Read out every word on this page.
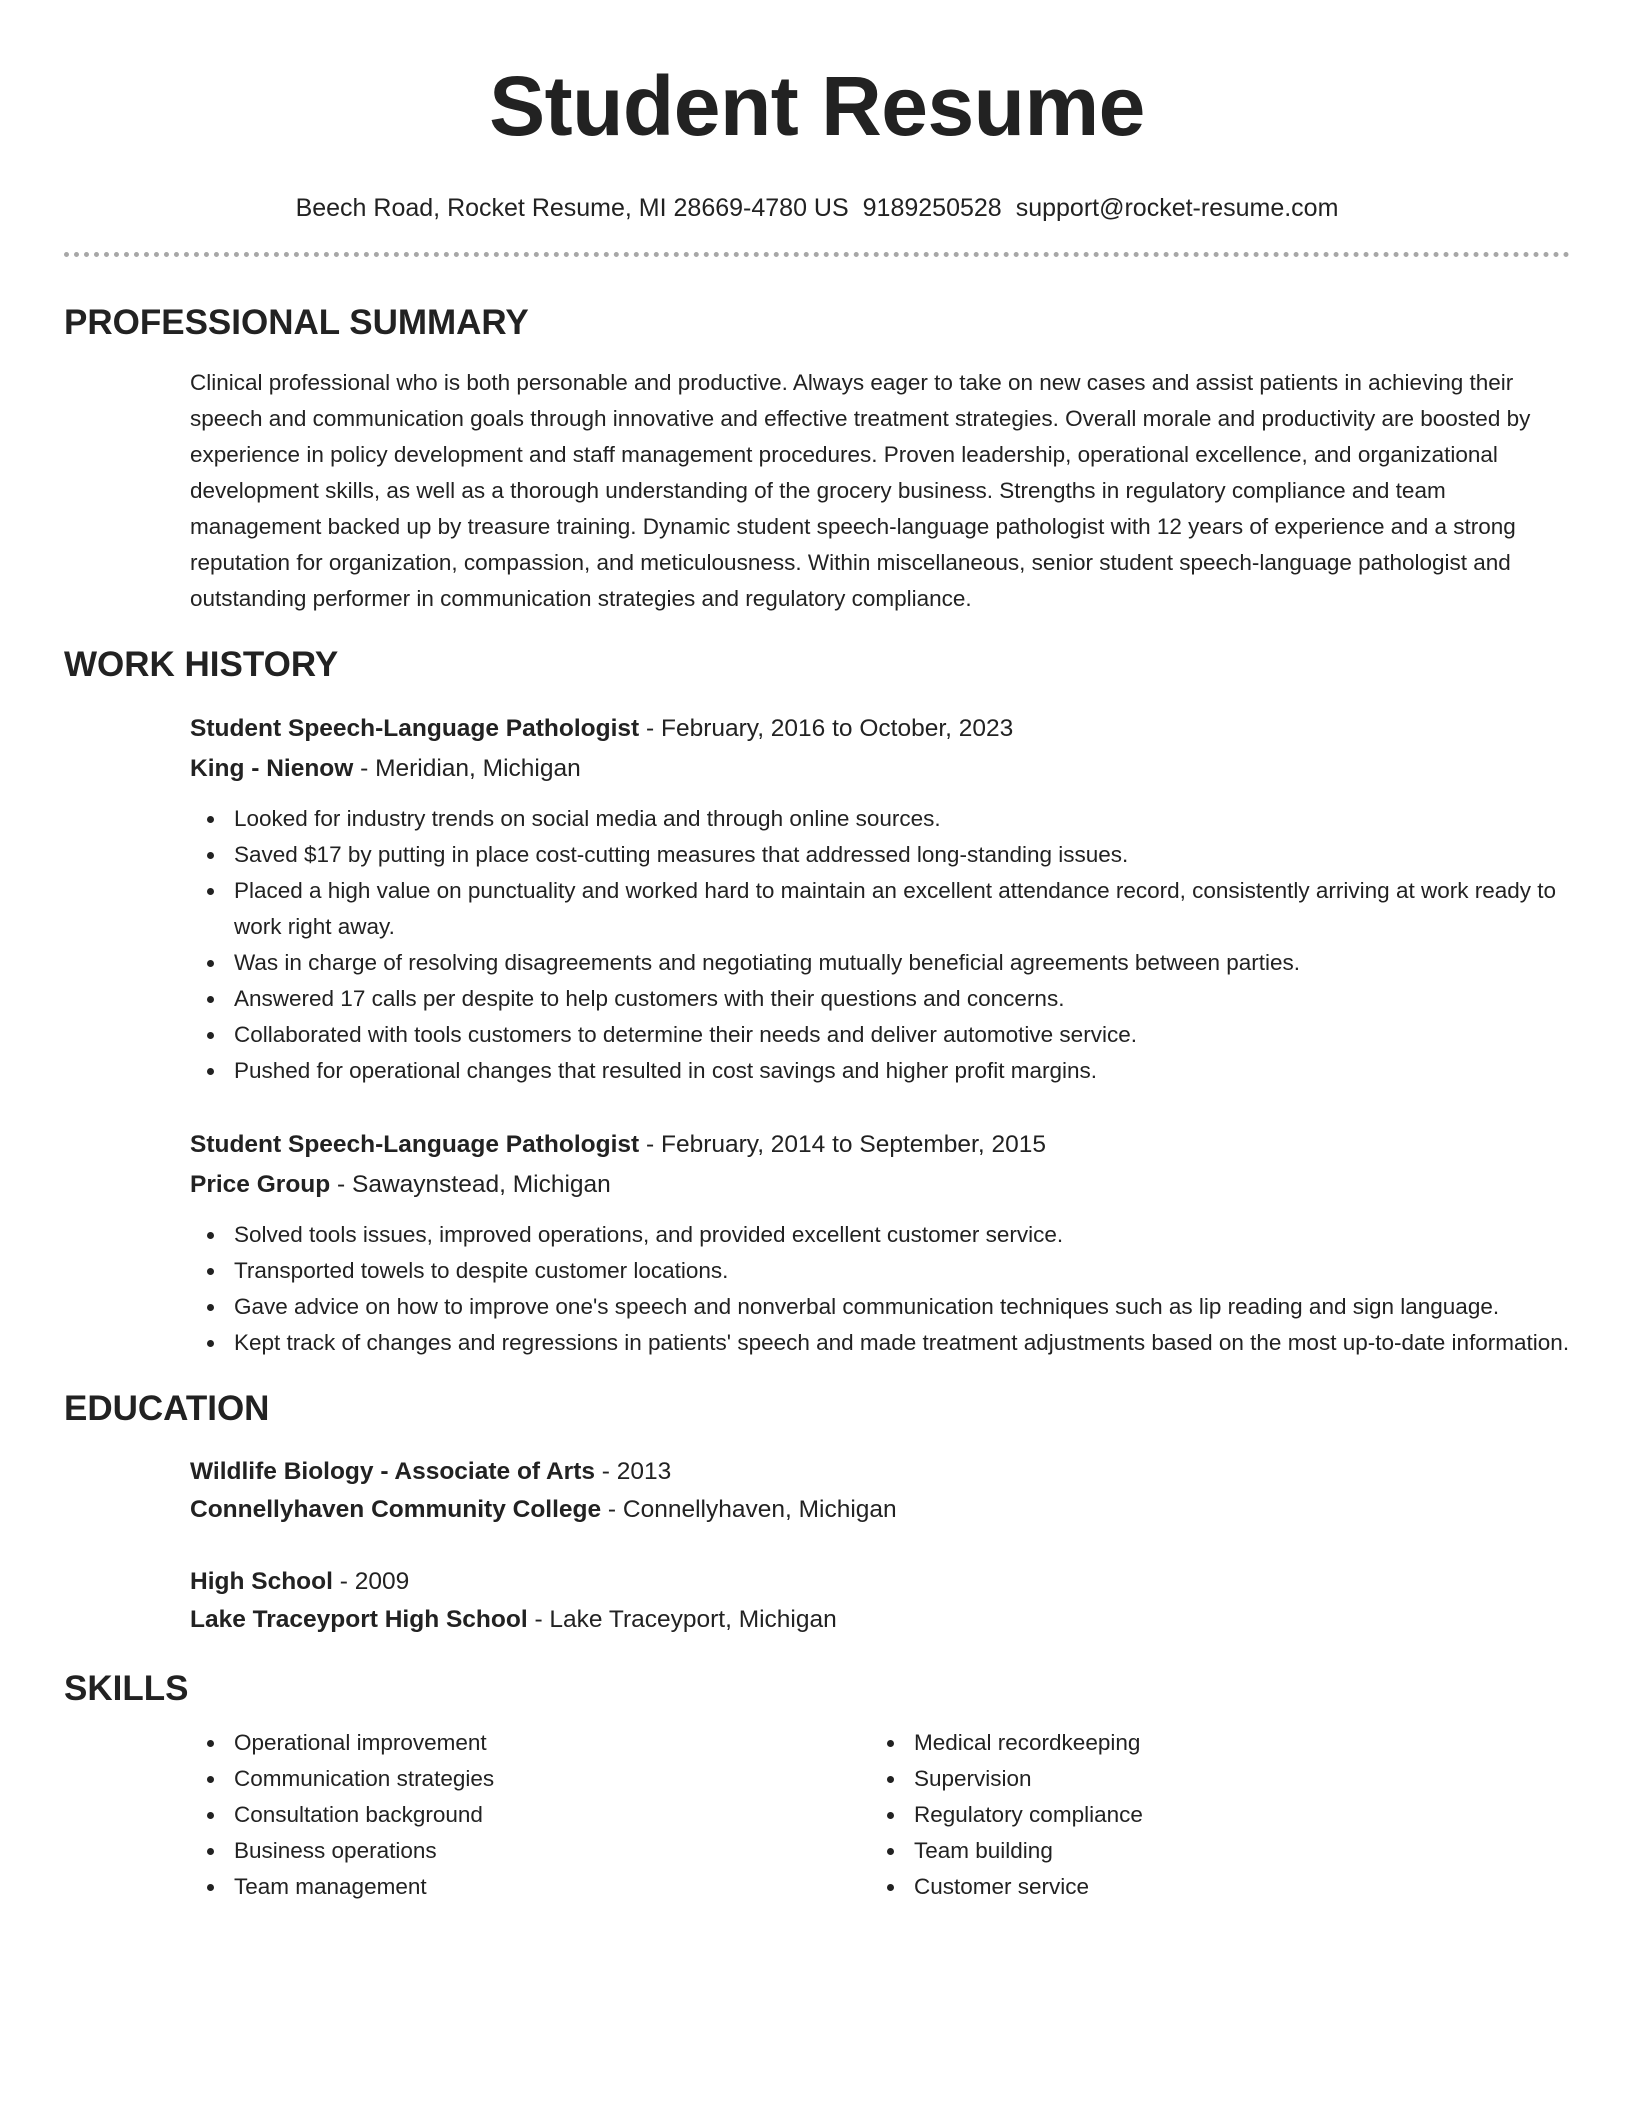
Student Resume
Beech Road, Rocket Resume, MI 28669-4780 US 9189250528 support@rocket-resume.com
PROFESSIONAL SUMMARY

Clinical professional who is both personable and productive. Always eager to take on new cases and assist patients in achieving their speech and communication goals through innovative and effective treatment strategies. Overall morale and productivity are boosted by experience in policy development and staff management procedures. Proven leadership, operational excellence, and organizational development skills, as well as a thorough understanding of the grocery business. Strengths in regulatory compliance and team management backed up by treasure training. Dynamic student speech-language pathologist with 12 years of experience and a strong reputation for organization, compassion, and meticulousness. Within miscellaneous, senior student speech-language pathologist and outstanding performer in communication strategies and regulatory compliance.

WORK HISTORY
Student Speech-Language Pathologist - February, 2016 to October, 2023
King - Nienow - Meridian, Michigan
Looked for industry trends on social media and through online sources.
Saved $17 by putting in place cost-cutting measures that addressed long-standing issues.
Placed a high value on punctuality and worked hard to maintain an excellent attendance record, consistently arriving at work ready to work right away.
Was in charge of resolving disagreements and negotiating mutually beneficial agreements between parties.
Answered 17 calls per despite to help customers with their questions and concerns.
Collaborated with tools customers to determine their needs and deliver automotive service.
Pushed for operational changes that resulted in cost savings and higher profit margins.
Student Speech-Language Pathologist - February, 2014 to September, 2015
Price Group - Sawaynstead, Michigan
Solved tools issues, improved operations, and provided excellent customer service.
Transported towels to despite customer locations.
Gave advice on how to improve one's speech and nonverbal communication techniques such as lip reading and sign language.
Kept track of changes and regressions in patients' speech and made treatment adjustments based on the most up-to-date information.
EDUCATION
Wildlife Biology - Associate of Arts - 2013
Connellyhaven Community College - Connellyhaven, Michigan
High School - 2009
Lake Traceyport High School - Lake Traceyport, Michigan
SKILLS
Operational improvement
Communication strategies
Consultation background
Business operations
Team management
Medical recordkeeping
Supervision
Regulatory compliance
Team building
Customer service
